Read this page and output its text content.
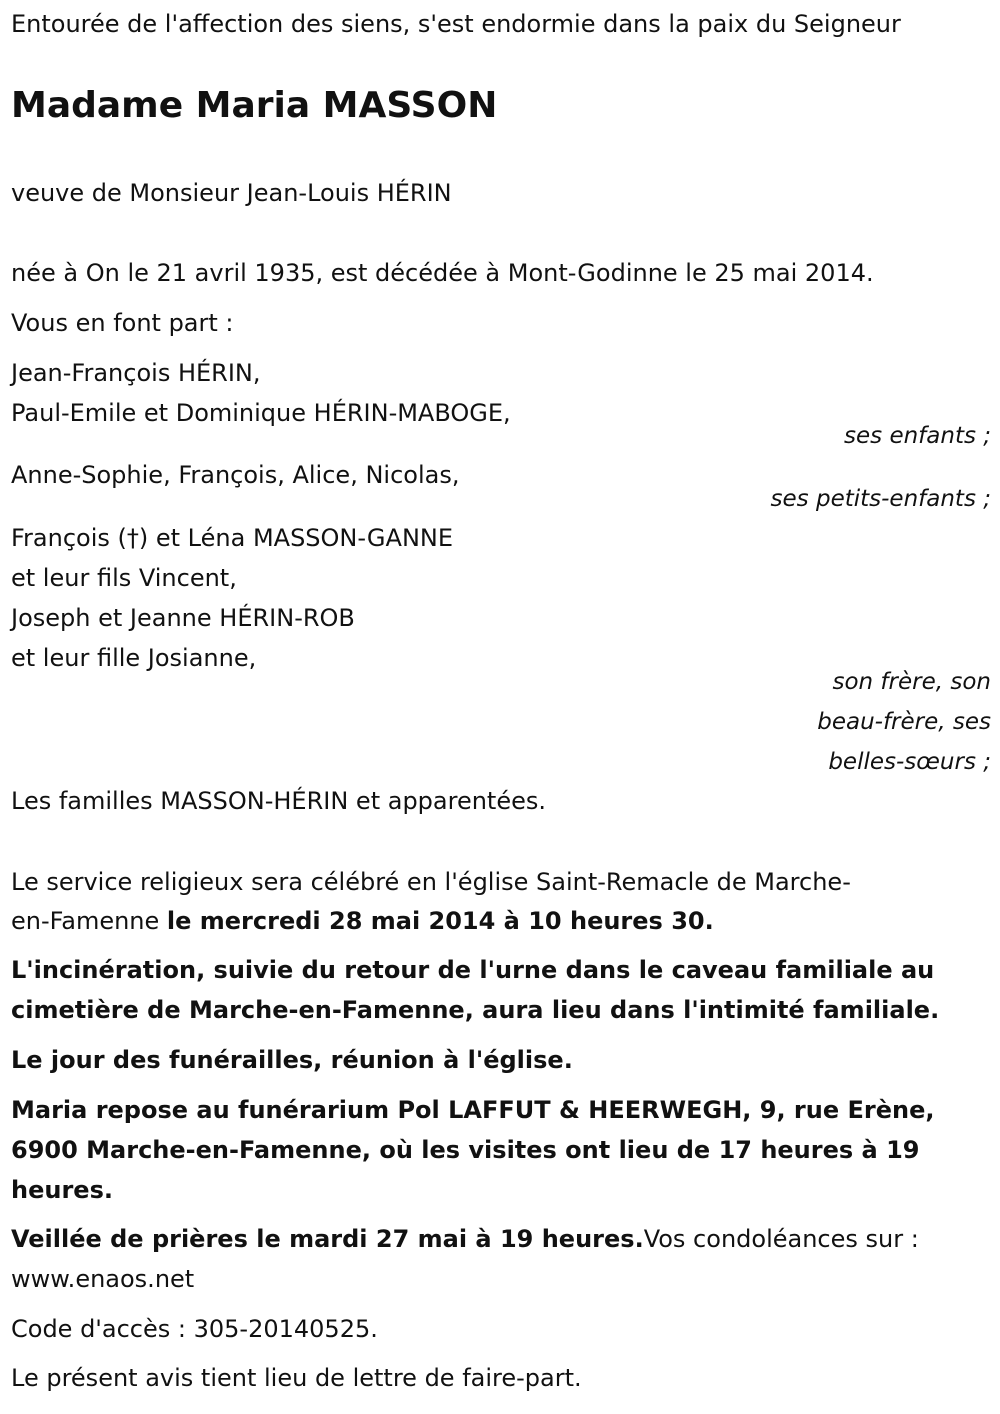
Entourée de l'affection des siens, s'est endormie dans la paix du Seigneur
Madame Maria MASSON
veuve de Monsieur Jean-Louis HÉRIN
née à On le 21 avril 1935, est décédée à Mont-Godinne le 25 mai 2014.
Vous en font part :
Jean-François HÉRIN,
Paul-Emile et Dominique HÉRIN-MABOGE,
ses enfants ;
Anne-Sophie, François, Alice, Nicolas,
ses petits-enfants ;
François (†) et Léna MASSON-GANNE
et leur fils Vincent,
Joseph et Jeanne HÉRIN-ROB
et leur fille Josianne,
son frère, son
beau-frère, ses
belles-sœurs ;
Les familles MASSON-HÉRIN et apparentées.
Le service religieux sera célébré en l'église Saint-Remacle de Marche-
en-Famenne le mercredi 28 mai 2014 à 10 heures 30.
L'incinération, suivie du retour de l'urne dans le caveau familiale au
cimetière de Marche-en-Famenne, aura lieu dans l'intimité familiale.
Le jour des funérailles, réunion à l'église.
Maria repose au funérarium Pol LAFFUT & HEERWEGH, 9, rue Erène,
6900 Marche-en-Famenne, où les visites ont lieu de 17 heures à 19
heures.
Veillée de prières le mardi 27 mai à 19 heures.Vos condoléances sur :
www.enaos.net
Code d'accès : 305-20140525.
Le présent avis tient lieu de lettre de faire-part.
